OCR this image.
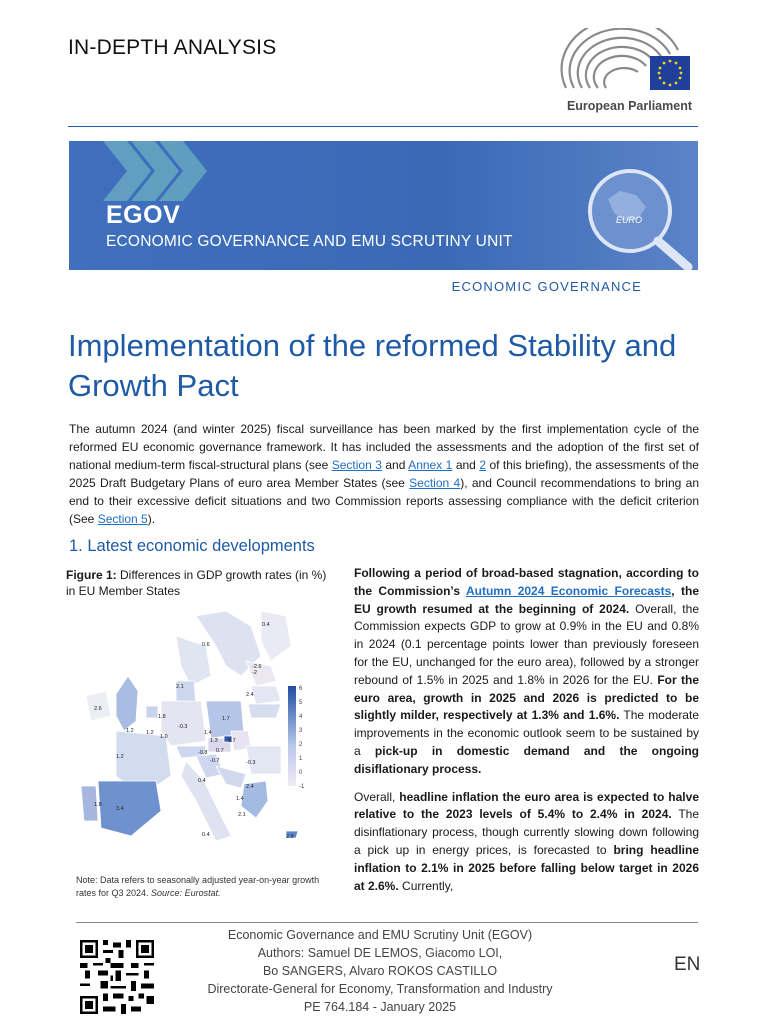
IN-DEPTH ANALYSIS
European Parliament
EURO
EGOV
ECONOMIC GOVERNANCE AND EMU SCRUTINY UNIT
ECONOMIC GOVERNANCE
Implementation of the reformed Stability and Growth Pact
The autumn 2024 (and winter 2025) fiscal surveillance has been marked by the first implementation cycle of the reformed EU economic governance framework. It has included the assessments and the adoption of the first set of national medium-term fiscal-structural plans (see Section 3 and Annex 1 and 2 of this briefing), the assessments of the 2025 Draft Budgetary Plans of euro area Member States (see Section 4), and Council recommendations to bring an end to their excessive deficit situations and two Commission reports assessing compliance with the deficit criterion (See Section 5).
1. Latest economic developments
Figure 1: Differences in GDP growth rates (in %) in EU Member States
6
5
4
3
2
1
0
-1
0.4
0.6
-2.6
2.1
-2
2.4
1.8
2.6
1.2
1.2
1.0
-0.3
1.7
1.4
1.3
-0.8 0.7
1.7
1.2
-0.7	-0.3
1.8
3.4
0.4
1.4
2.4
2.1
0.4	2.5
Note: Data refers to seasonally adjusted year-on-year growth rates for Q3 2024. Source: Eurostat.

Following a period of broad-based stagnation, according to the Commission’s Autumn 2024 Economic Forecasts, the EU growth resumed at the beginning of 2024. Overall, the Commission expects GDP to grow at 0.9% in the EU and 0.8% in 2024 (0.1 percentage points lower than previously foreseen for the EU, unchanged for the euro area), followed by a stronger rebound of 1.5% in 2025 and 1.8% in 2026 for the EU. For the euro area, growth in 2025 and 2026 is predicted to be slightly milder, respectively at 1.3% and 1.6%. The moderate improvements in the economic outlook seem to be sustained by a pick-up in domestic demand and the ongoing disiflationary process.

Overall, headline inflation the euro area is expected to halve relative to the 2023 levels of 5.4% to 2.4% in 2024. The disinflationary process, though currently slowing down following a pick up in energy prices, is forecasted to bring headline inflation to 2.1% in 2025 before falling below target in 2026 at 2.6%. Currently,

Economic Governance and EMU Scrutiny Unit (EGOV)
Authors: Samuel DE LEMOS, Giacomo LOI,
Bo SANGERS, Alvaro ROKOS CASTILLO
Directorate-General for Economy, Transformation and Industry
PE 764.184 - January 2025
EN
